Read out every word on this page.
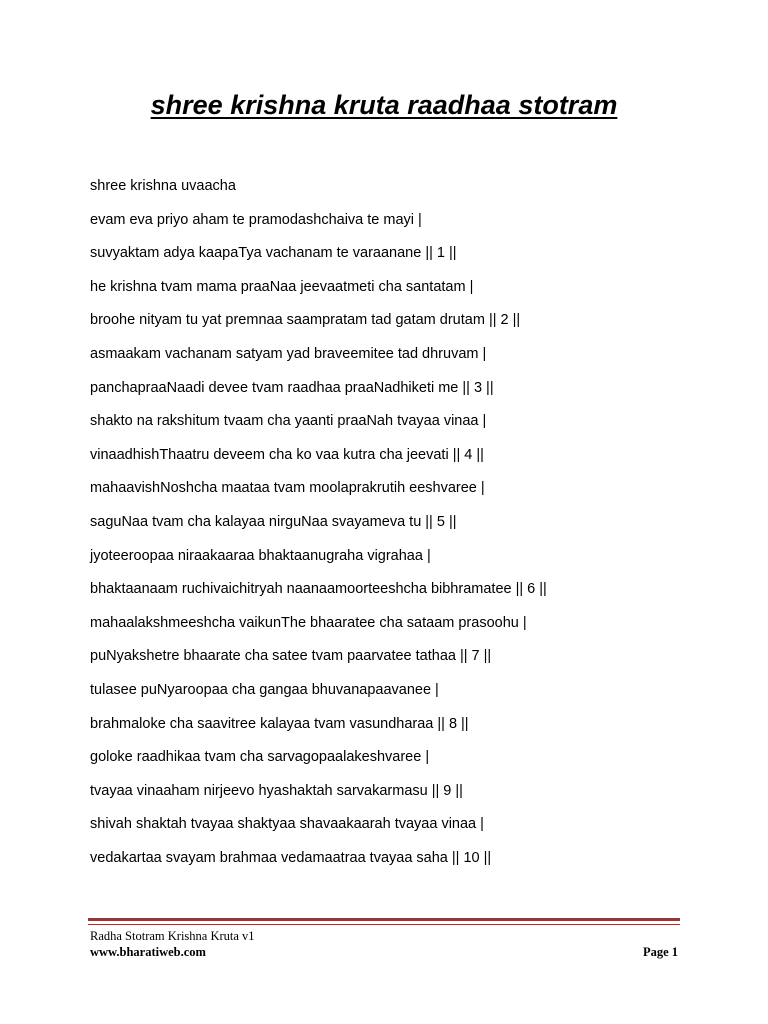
shree krishna kruta raadhaa stotram
shree krishna uvaacha
evam eva priyo aham te pramodashchaiva te mayi |
suvyaktam adya kaapaTya vachanam te varaanane || 1 ||
he krishna tvam mama praaNaa jeevaatmeti cha santatam |
broohe nityam tu yat premnaa saampratam tad gatam drutam || 2 ||
asmaakam vachanam satyam yad braveemitee tad dhruvam |
panchapraaNaadi devee tvam raadhaa praaNadhiketi me || 3 ||
shakto na rakshitum tvaam cha yaanti praaNah tvayaa vinaa |
vinaadhishThaatru deveem cha ko vaa kutra cha jeevati || 4 ||
mahaavishNoshcha maataa tvam moolaprakrutih eeshvaree |
saguNaa tvam cha kalayaa nirguNaa svayameva tu || 5 ||
jyoteeroopaa niraakaaraa bhaktaanugraha vigrahaa |
bhaktaanaam ruchivaichitryah naanaamoorteeshcha bibhramatee || 6 ||
mahaalakshmeeshcha vaikunThe bhaaratee cha sataam prasoohu |
puNyakshetre bhaarate cha satee tvam paarvatee tathaa || 7 ||
tulasee puNyaroopaa cha gangaa bhuvanapaavanee |
brahmaloke cha saavitree kalayaa tvam vasundharaa || 8 ||
goloke raadhikaa tvam cha sarvagopaalakeshvaree |
tvayaa vinaaham nirjeevo hyashaktah sarvakarmasu || 9 ||
shivah shaktah tvayaa shaktyaa shavaakaarah tvayaa vinaa |
vedakartaa svayam brahmaa vedamaatraa tvayaa saha || 10 ||
Radha Stotram Krishna Kruta v1
www.bharatiweb.com	Page 1
